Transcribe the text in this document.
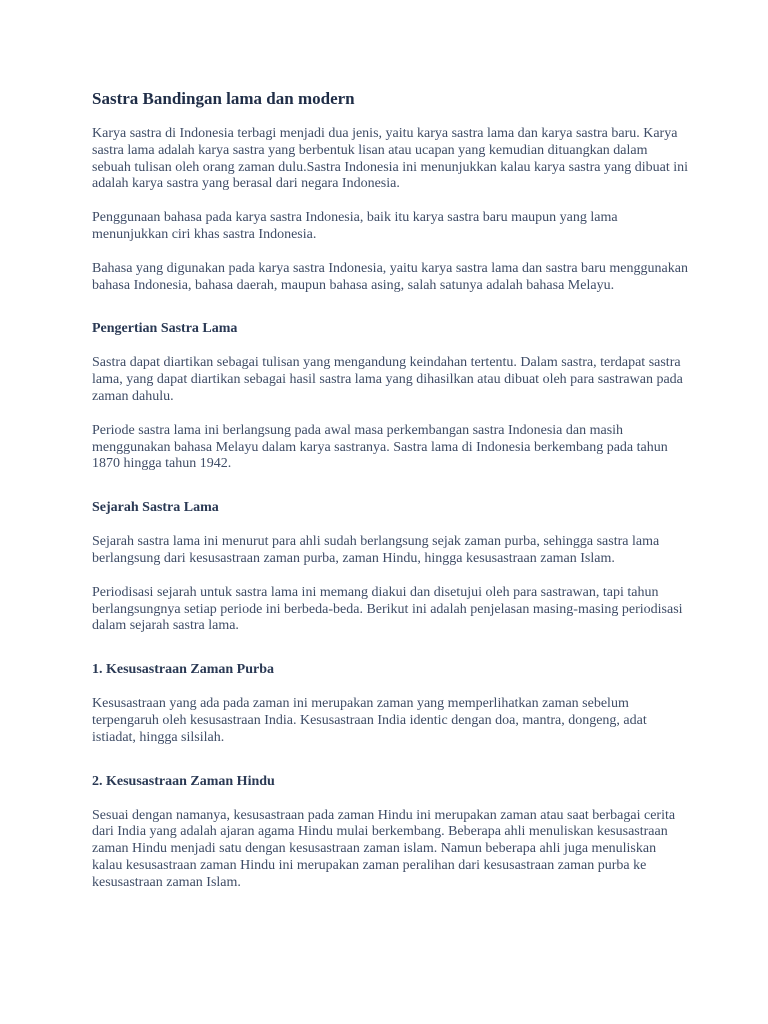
Sastra Bandingan lama dan modern

Karya sastra di Indonesia terbagi menjadi dua jenis, yaitu karya sastra lama dan karya sastra baru. Karya sastra lama adalah karya sastra yang berbentuk lisan atau ucapan yang kemudian dituangkan dalam sebuah tulisan oleh orang zaman dulu.Sastra Indonesia ini menunjukkan kalau karya sastra yang dibuat ini adalah karya sastra yang berasal dari negara Indonesia.

Penggunaan bahasa pada karya sastra Indonesia, baik itu karya sastra baru maupun yang lama menunjukkan ciri khas sastra Indonesia.

Bahasa yang digunakan pada karya sastra Indonesia, yaitu karya sastra lama dan sastra baru menggunakan bahasa Indonesia, bahasa daerah, maupun bahasa asing, salah satunya adalah bahasa Melayu.

Pengertian Sastra Lama

Sastra dapat diartikan sebagai tulisan yang mengandung keindahan tertentu. Dalam sastra, terdapat sastra lama, yang dapat diartikan sebagai hasil sastra lama yang dihasilkan atau dibuat oleh para sastrawan pada zaman dahulu.

Periode sastra lama ini berlangsung pada awal masa perkembangan sastra Indonesia dan masih menggunakan bahasa Melayu dalam karya sastranya. Sastra lama di Indonesia berkembang pada tahun 1870 hingga tahun 1942.

Sejarah Sastra Lama

Sejarah sastra lama ini menurut para ahli sudah berlangsung sejak zaman purba, sehingga sastra lama berlangsung dari kesusastraan zaman purba, zaman Hindu, hingga kesusastraan zaman Islam.

Periodisasi sejarah untuk sastra lama ini memang diakui dan disetujui oleh para sastrawan, tapi tahun berlangsungnya setiap periode ini berbeda-beda. Berikut ini adalah penjelasan masing-masing periodisasi dalam sejarah sastra lama.

1. Kesusastraan Zaman Purba

Kesusastraan yang ada pada zaman ini merupakan zaman yang memperlihatkan zaman sebelum terpengaruh oleh kesusastraan India. Kesusastraan India identic dengan doa, mantra, dongeng, adat istiadat, hingga silsilah.

2. Kesusastraan Zaman Hindu

Sesuai dengan namanya, kesusastraan pada zaman Hindu ini merupakan zaman atau saat berbagai cerita dari India yang adalah ajaran agama Hindu mulai berkembang. Beberapa ahli menuliskan kesusastraan zaman Hindu menjadi satu dengan kesusastraan zaman islam. Namun beberapa ahli juga menuliskan kalau kesusastraan zaman Hindu ini merupakan zaman peralihan dari kesusastraan zaman purba ke kesusastraan zaman Islam.
